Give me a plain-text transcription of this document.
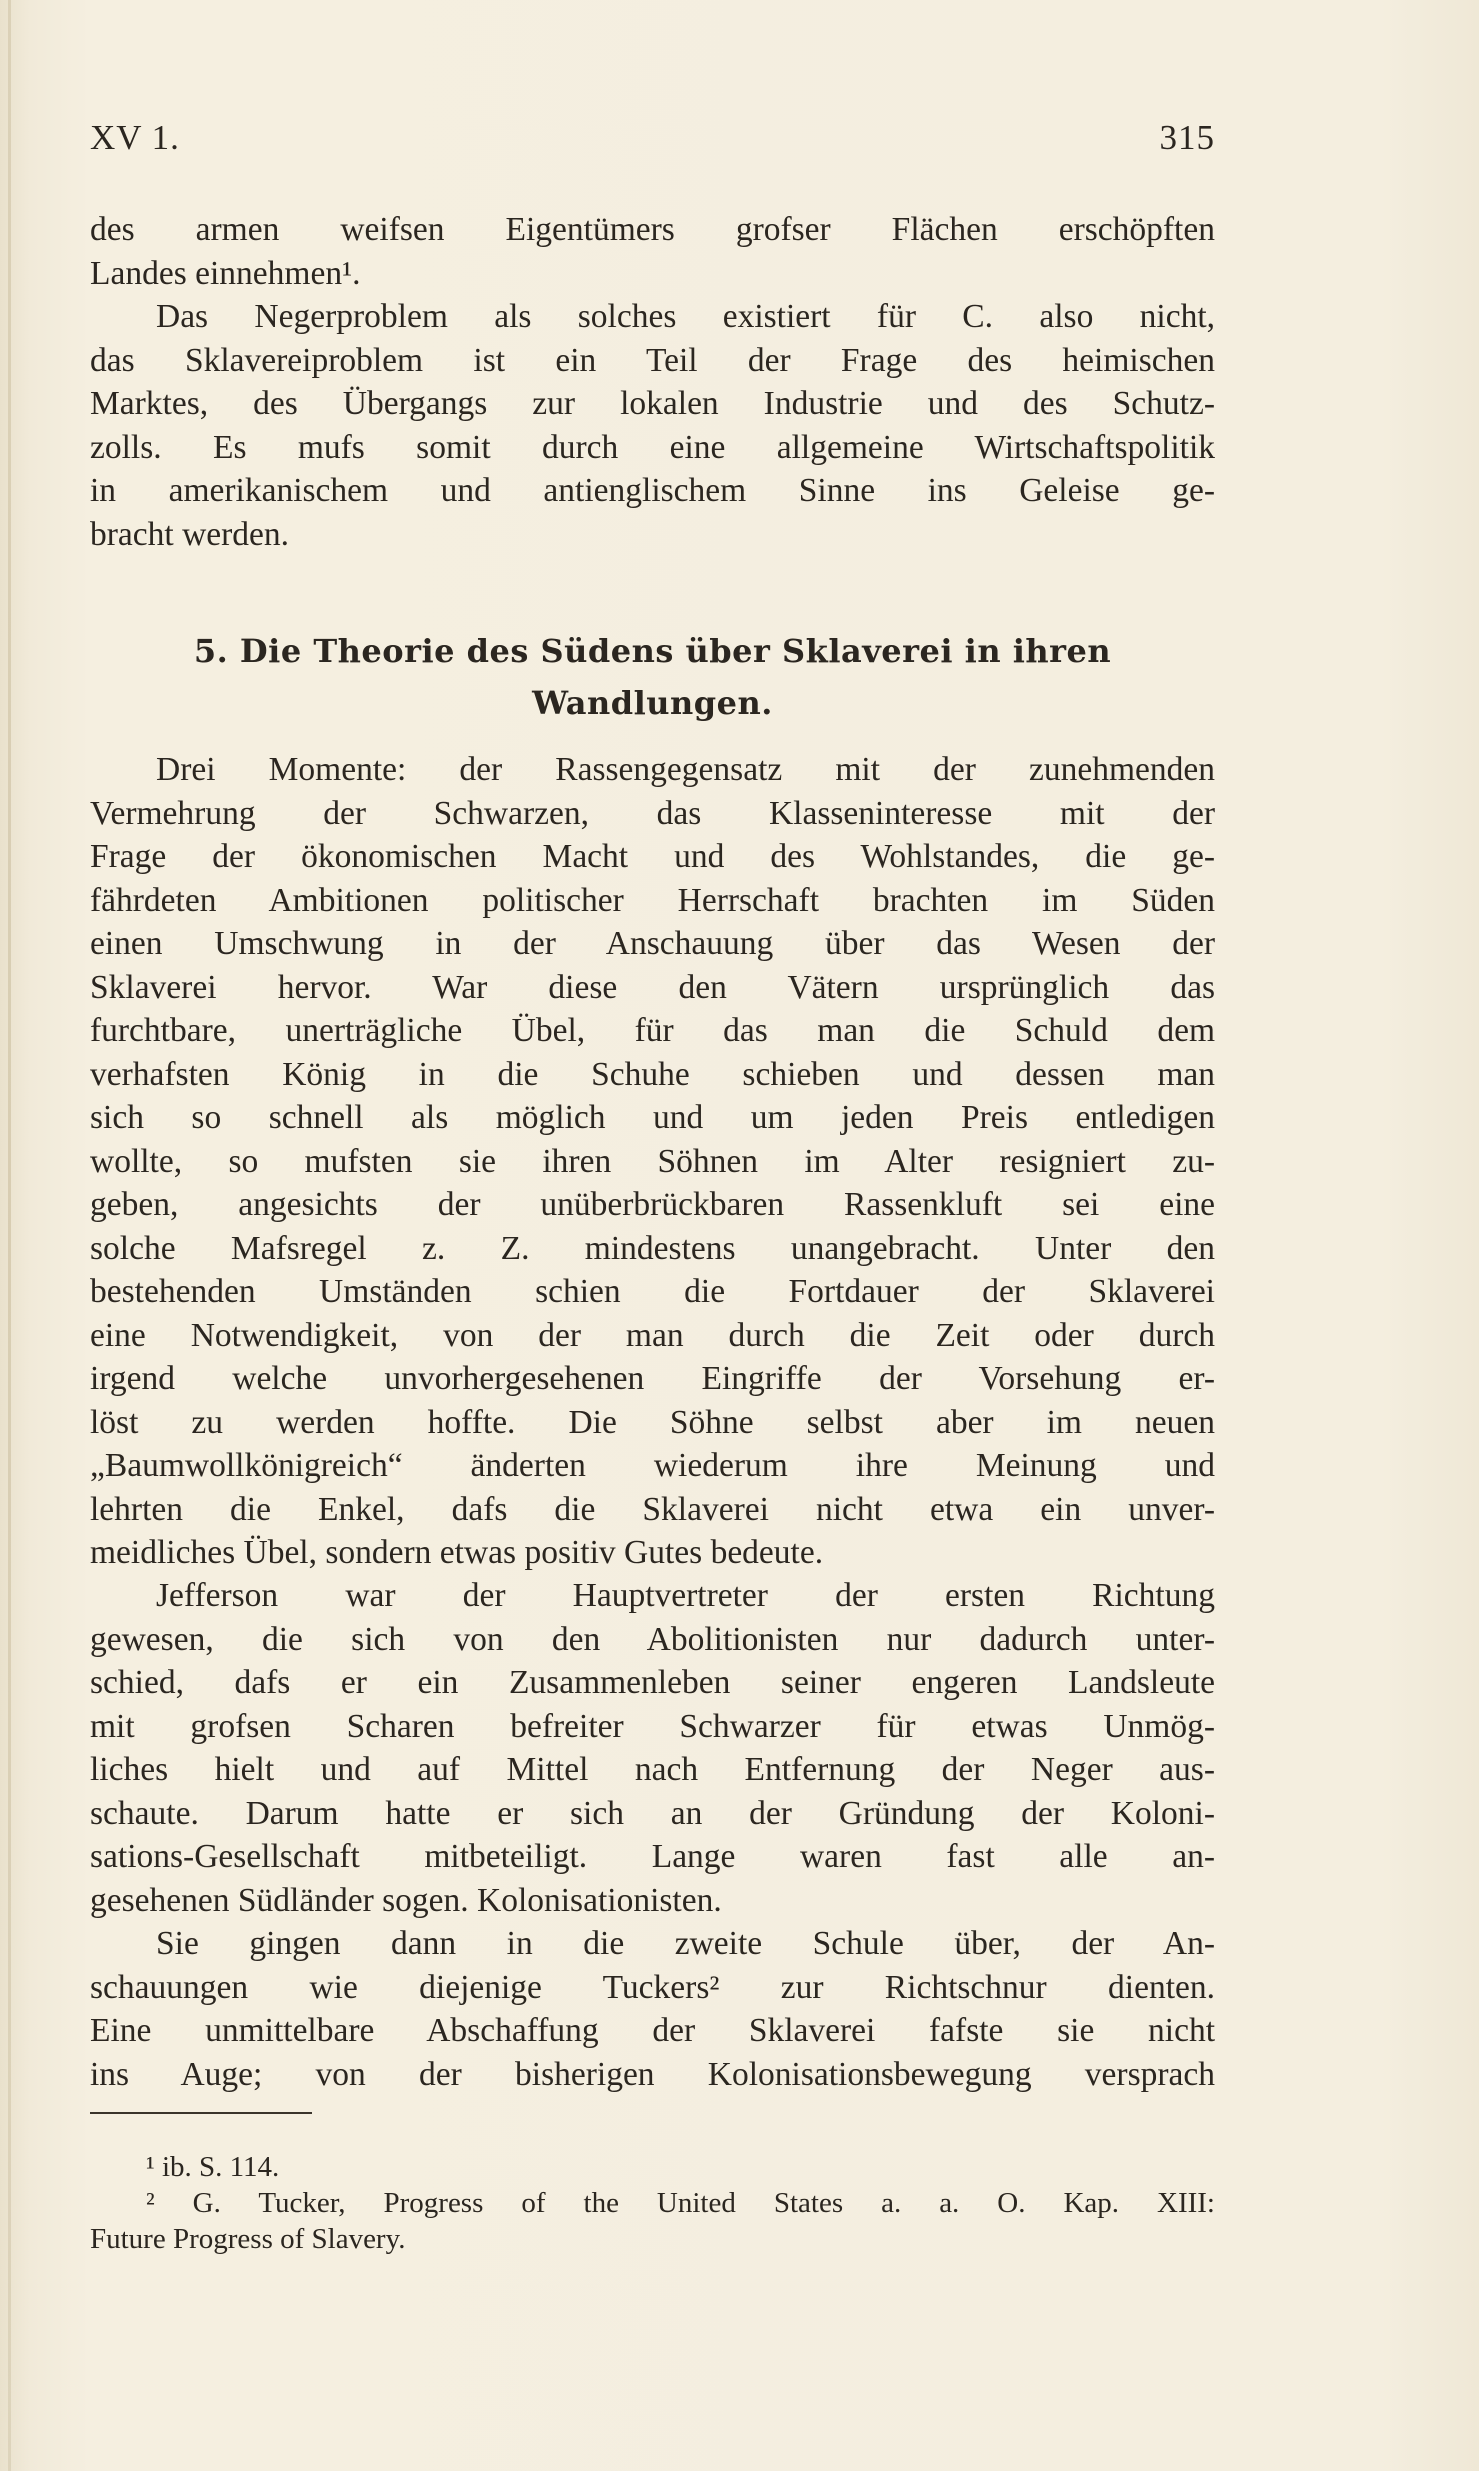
XV 1.	315
des armen weifsen Eigentümers grofser Flächen erschöpften
Landes einnehmen¹.
Das Negerproblem als solches existiert für C. also nicht,
das Sklavereiproblem ist ein Teil der Frage des heimischen
Marktes, des Übergangs zur lokalen Industrie und des Schutz-
zolls. Es mufs somit durch eine allgemeine Wirtschaftspolitik
in amerikanischem und antienglischem Sinne ins Geleise ge-
bracht werden.
5. Die Theorie des Südens über Sklaverei in ihren
Wandlungen.
Drei Momente: der Rassengegensatz mit der zunehmenden
Vermehrung der Schwarzen, das Klasseninteresse mit der
Frage der ökonomischen Macht und des Wohlstandes, die ge-
fährdeten Ambitionen politischer Herrschaft brachten im Süden
einen Umschwung in der Anschauung über das Wesen der
Sklaverei hervor. War diese den Vätern ursprünglich das
furchtbare, unerträgliche Übel, für das man die Schuld dem
verhafsten König in die Schuhe schieben und dessen man
sich so schnell als möglich und um jeden Preis entledigen
wollte, so mufsten sie ihren Söhnen im Alter resigniert zu-
geben, angesichts der unüberbrückbaren Rassenkluft sei eine
solche Mafsregel z. Z. mindestens unangebracht. Unter den
bestehenden Umständen schien die Fortdauer der Sklaverei
eine Notwendigkeit, von der man durch die Zeit oder durch
irgend welche unvorhergesehenen Eingriffe der Vorsehung er-
löst zu werden hoffte. Die Söhne selbst aber im neuen
„Baumwollkönigreich“ änderten wiederum ihre Meinung und
lehrten die Enkel, dafs die Sklaverei nicht etwa ein unver-
meidliches Übel, sondern etwas positiv Gutes bedeute.
Jefferson war der Hauptvertreter der ersten Richtung
gewesen, die sich von den Abolitionisten nur dadurch unter-
schied, dafs er ein Zusammenleben seiner engeren Landsleute
mit grofsen Scharen befreiter Schwarzer für etwas Unmög-
liches hielt und auf Mittel nach Entfernung der Neger aus-
schaute. Darum hatte er sich an der Gründung der Koloni-
sations-Gesellschaft mitbeteiligt. Lange waren fast alle an-
gesehenen Südländer sogen. Kolonisationisten.
Sie gingen dann in die zweite Schule über, der An-
schauungen wie diejenige Tuckers² zur Richtschnur dienten.
Eine unmittelbare Abschaffung der Sklaverei fafste sie nicht
ins Auge; von der bisherigen Kolonisationsbewegung versprach
¹ ib. S. 114.
² G. Tucker, Progress of the United States a. a. O. Kap. XIII:
Future Progress of Slavery.
